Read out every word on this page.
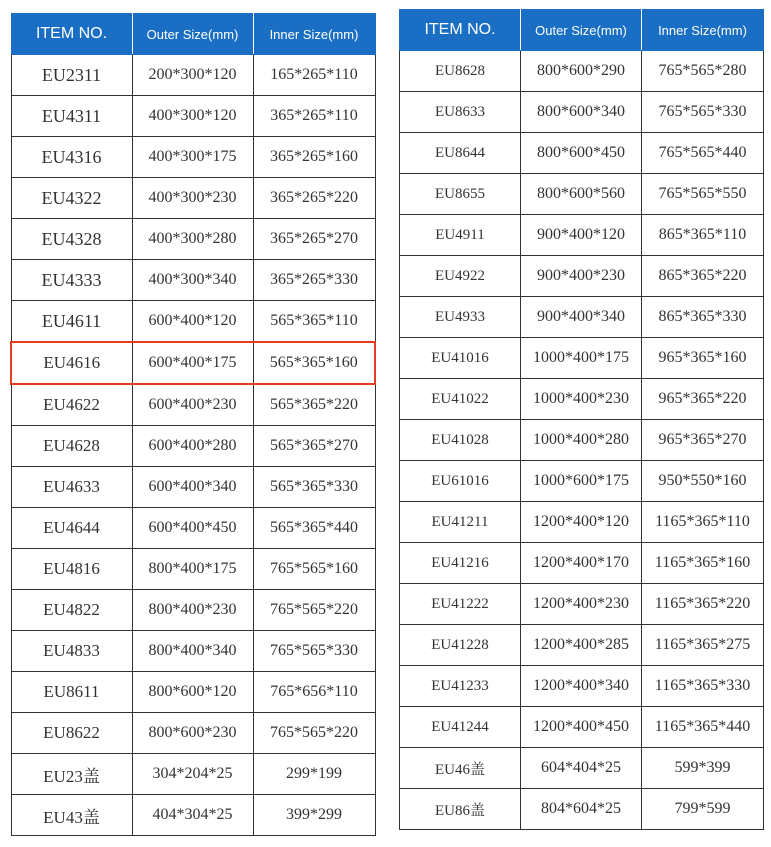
ITEM NO.	Outer Size(mm)	Inner Size(mm)
EU2311	200*300*120	165*265*110
EU4311	400*300*120	365*265*110
EU4316	400*300*175	365*265*160
EU4322	400*300*230	365*265*220
EU4328	400*300*280	365*265*270
EU4333	400*300*340	365*265*330
EU4611	600*400*120	565*365*110
EU4616	600*400*175	565*365*160
EU4622	600*400*230	565*365*220
EU4628	600*400*280	565*365*270
EU4633	600*400*340	565*365*330
EU4644	600*400*450	565*365*440
EU4816	800*400*175	765*565*160
EU4822	800*400*230	765*565*220
EU4833	800*400*340	765*565*330
EU8611	800*600*120	765*656*110
EU8622	800*600*230	765*565*220
EU23盖	304*204*25	299*199
EU43盖	404*304*25	399*299
ITEM NO.	Outer Size(mm)	Inner Size(mm)
EU8628	800*600*290	765*565*280
EU8633	800*600*340	765*565*330
EU8644	800*600*450	765*565*440
EU8655	800*600*560	765*565*550
EU4911	900*400*120	865*365*110
EU4922	900*400*230	865*365*220
EU4933	900*400*340	865*365*330
EU41016	1000*400*175	965*365*160
EU41022	1000*400*230	965*365*220
EU41028	1000*400*280	965*365*270
EU61016	1000*600*175	950*550*160
EU41211	1200*400*120	1165*365*110
EU41216	1200*400*170	1165*365*160
EU41222	1200*400*230	1165*365*220
EU41228	1200*400*285	1165*365*275
EU41233	1200*400*340	1165*365*330
EU41244	1200*400*450	1165*365*440
EU46盖	604*404*25	599*399
EU86盖	804*604*25	799*599
